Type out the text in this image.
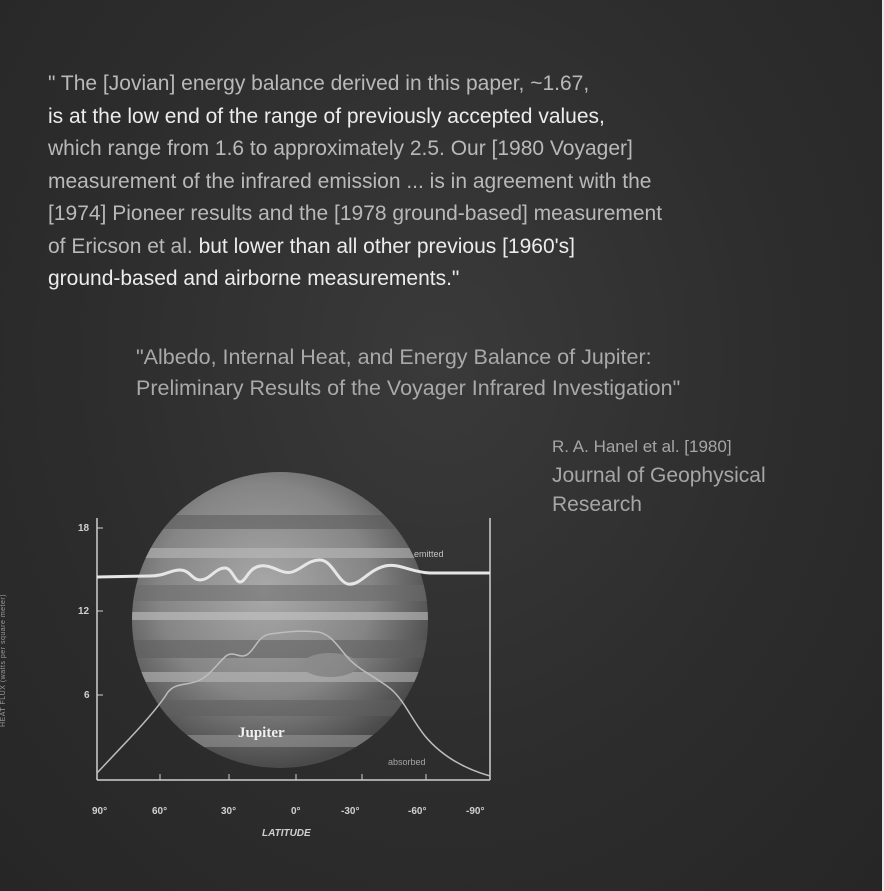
" The [Jovian] energy balance derived in this paper, ~1.67,
is at the low end of the range of previously accepted values,
which range from 1.6 to approximately 2.5. Our [1980 Voyager]
measurement of the infrared emission ... is in agreement with the
[1974] Pioneer results and the [1978 ground-based] measurement
of Ericson et al. but lower than all other previous [1960's]
ground-based and airborne measurements."
"Albedo, Internal Heat, and Energy Balance of Jupiter:
Preliminary Results of the Voyager Infrared Investigation"
R. A. Hanel et al. [1980]
Journal of Geophysical
Research
HEAT FLUX (watts per square meter)
Jupiter
emitted
absorbed
18
12
6
90°	60°	30°	0°	-30°	-60°	-90°
LATITUDE
